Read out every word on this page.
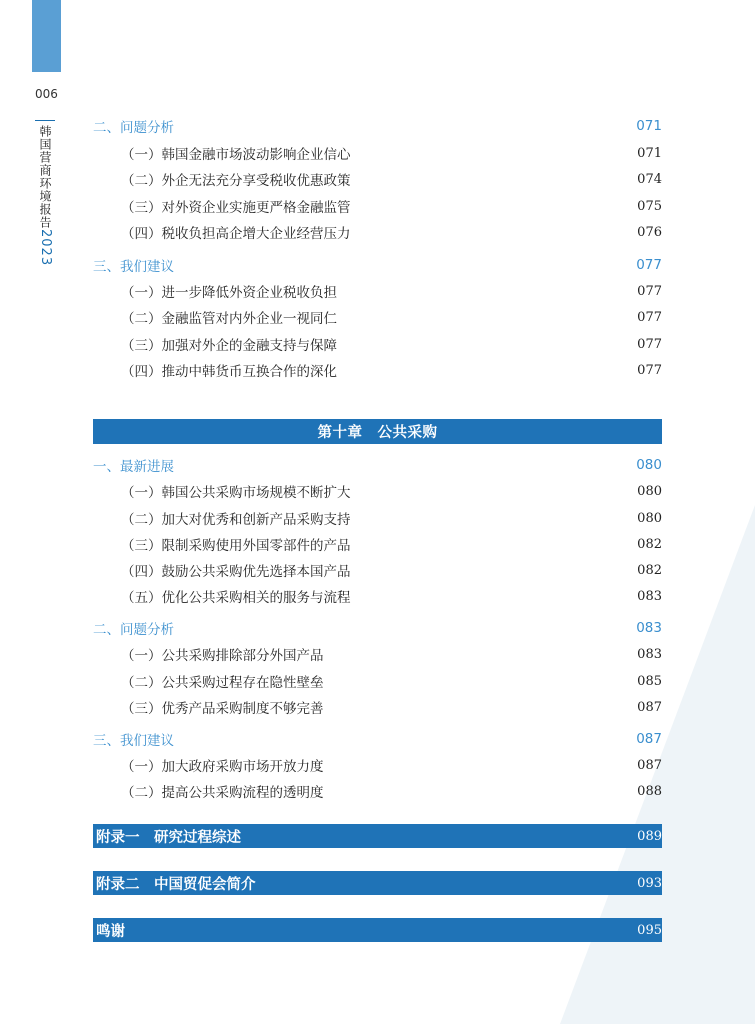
006
韩国营商环境报告2023
二、问题分析	071
（一）韩国金融市场波动影响企业信心	071
（二）外企无法充分享受税收优惠政策	074
（三）对外资企业实施更严格金融监管	075
（四）税收负担高企增大企业经营压力	076
三、我们建议	077
（一）进一步降低外资企业税收负担	077
（二）金融监管对内外企业一视同仁	077
（三）加强对外企的金融支持与保障	077
（四）推动中韩货币互换合作的深化	077
第十章　公共采购
一、最新进展	080
（一）韩国公共采购市场规模不断扩大	080
（二）加大对优秀和创新产品采购支持	080
（三）限制采购使用外国零部件的产品	082
（四）鼓励公共采购优先选择本国产品	082
（五）优化公共采购相关的服务与流程	083
二、问题分析	083
（一）公共采购排除部分外国产品	083
（二）公共采购过程存在隐性壁垒	085
（三）优秀产品采购制度不够完善	087
三、我们建议	087
（一）加大政府采购市场开放力度	087
（二）提高公共采购流程的透明度	088
附录一　研究过程综述	089
附录二　中国贸促会简介	093
鸣谢	095
